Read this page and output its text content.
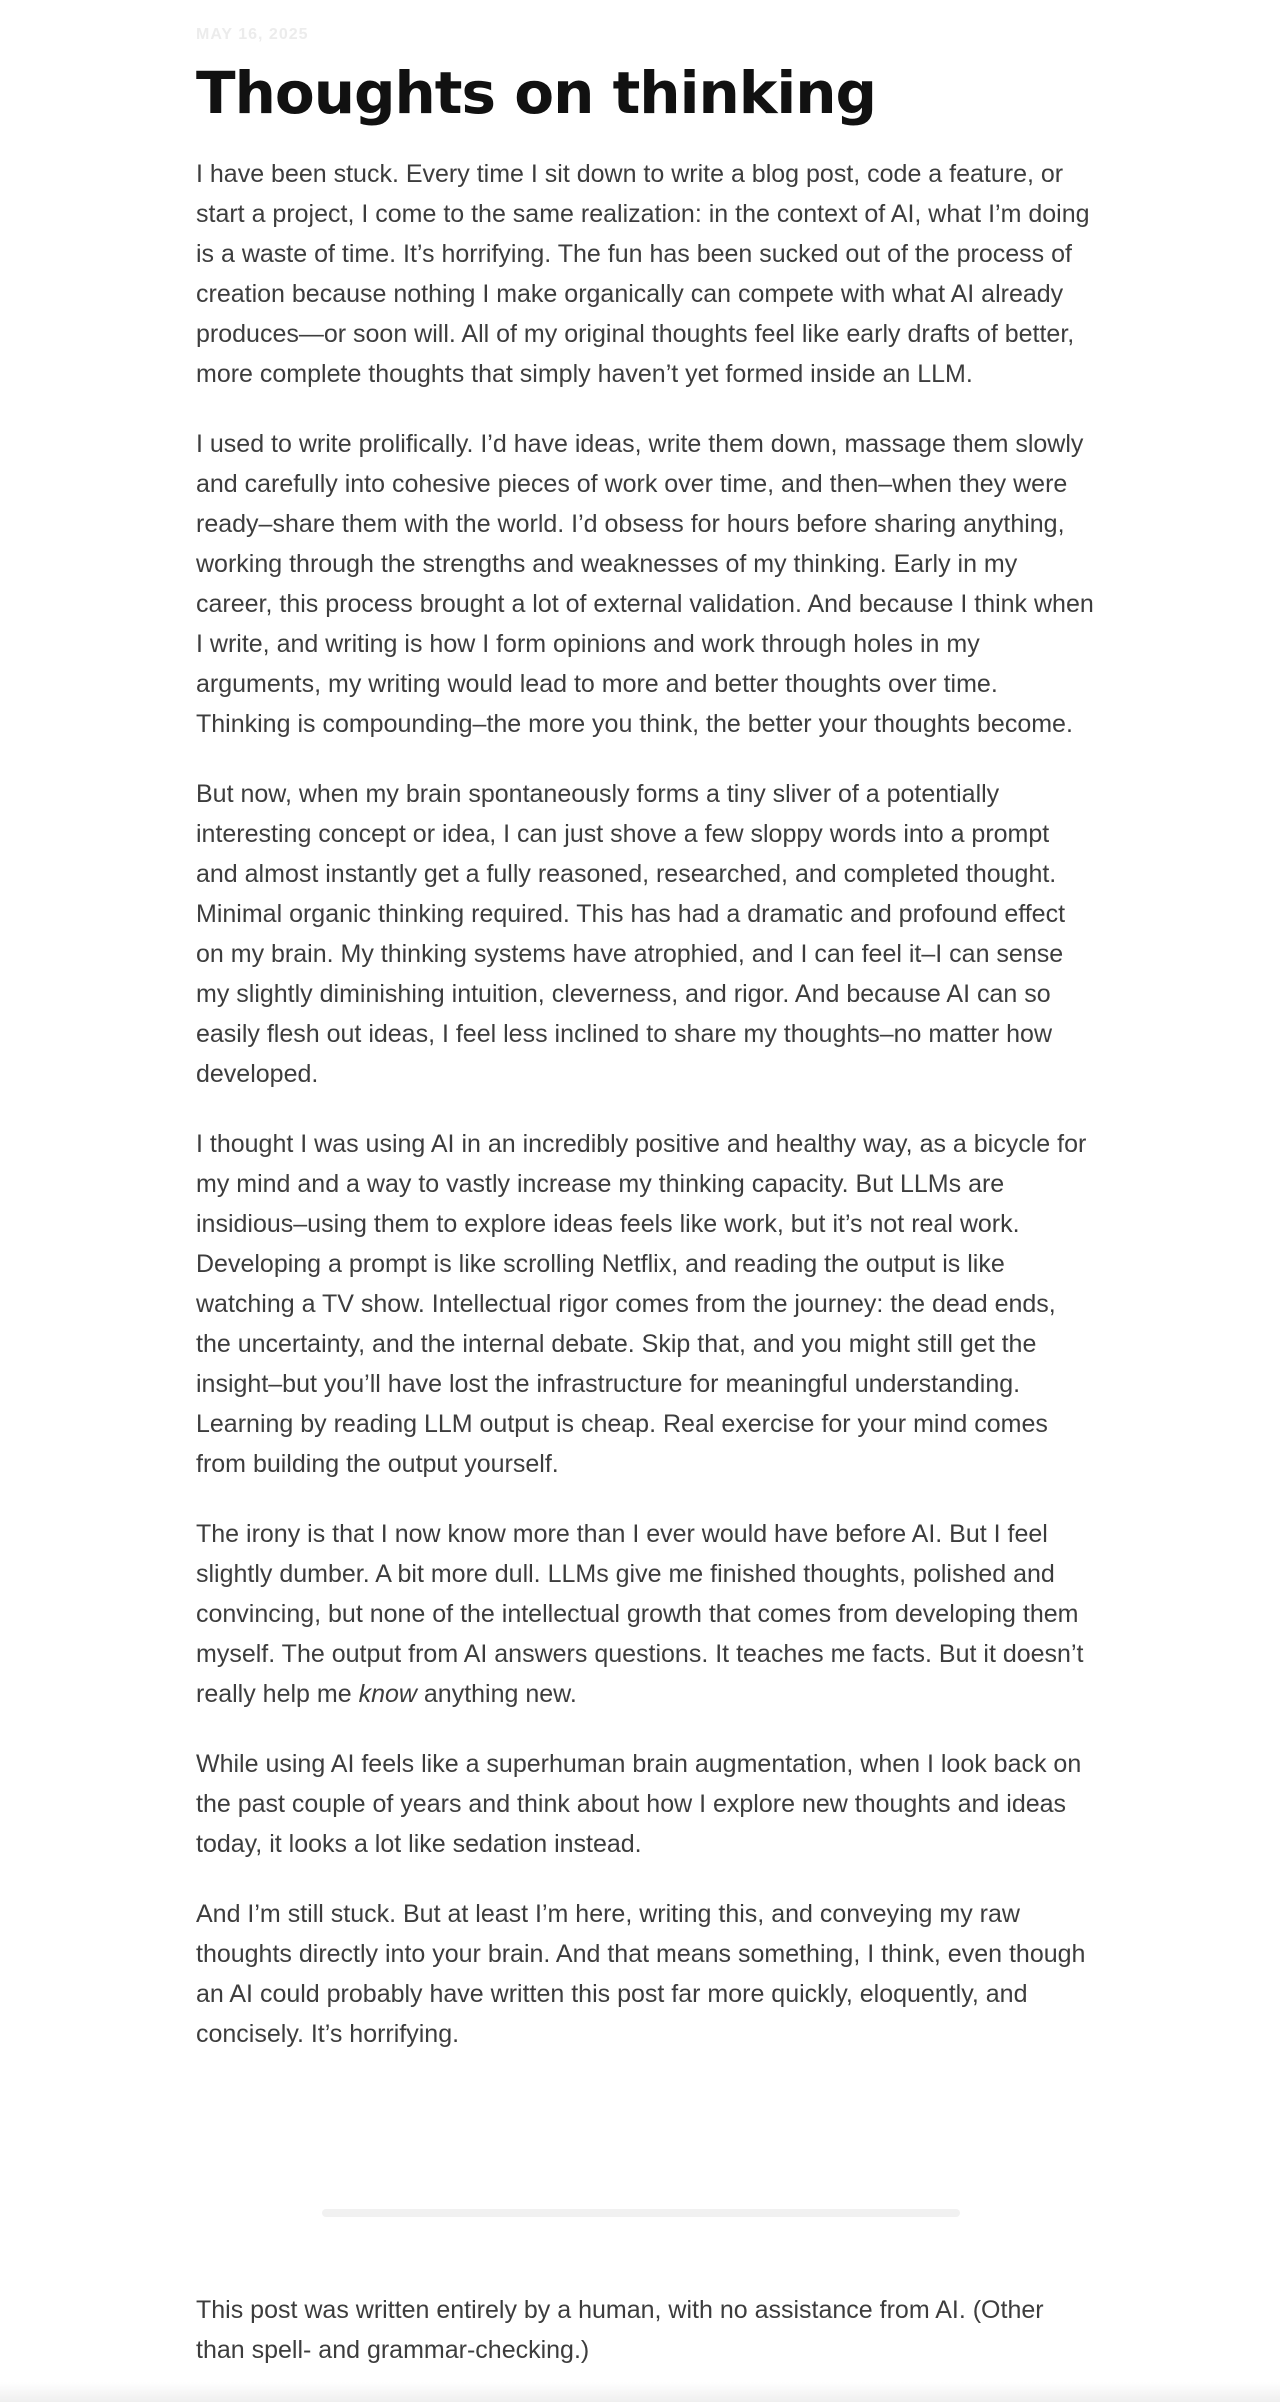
MAY 16, 2025
Thoughts on thinking

I have been stuck. Every time I sit down to write a blog post, code a feature, or start a project, I come to the same realization: in the context of AI, what I’m doing is a waste of time. It’s horrifying. The fun has been sucked out of the process of creation because nothing I make organically can compete with what AI already produces—or soon will. All of my original thoughts feel like early drafts of better, more complete thoughts that simply haven’t yet formed inside an LLM.

I used to write prolifically. I’d have ideas, write them down, massage them slowly and carefully into cohesive pieces of work over time, and then–when they were ready–share them with the world. I’d obsess for hours before sharing anything, working through the strengths and weaknesses of my thinking. Early in my career, this process brought a lot of external validation. And because I think when I write, and writing is how I form opinions and work through holes in my arguments, my writing would lead to more and better thoughts over time. Thinking is compounding–the more you think, the better your thoughts become.

But now, when my brain spontaneously forms a tiny sliver of a potentially interesting concept or idea, I can just shove a few sloppy words into a prompt and almost instantly get a fully reasoned, researched, and completed thought. Minimal organic thinking required. This has had a dramatic and profound effect on my brain. My thinking systems have atrophied, and I can feel it–I can sense my slightly diminishing intuition, cleverness, and rigor. And because AI can so easily flesh out ideas, I feel less inclined to share my thoughts–no matter how developed.

I thought I was using AI in an incredibly positive and healthy way, as a bicycle for my mind and a way to vastly increase my thinking capacity. But LLMs are insidious–using them to explore ideas feels like work, but it’s not real work. Developing a prompt is like scrolling Netflix, and reading the output is like watching a TV show. Intellectual rigor comes from the journey: the dead ends, the uncertainty, and the internal debate. Skip that, and you might still get the insight–but you’ll have lost the infrastructure for meaningful understanding. Learning by reading LLM output is cheap. Real exercise for your mind comes from building the output yourself.

The irony is that I now know more than I ever would have before AI. But I feel slightly dumber. A bit more dull. LLMs give me finished thoughts, polished and convincing, but none of the intellectual growth that comes from developing them myself. The output from AI answers questions. It teaches me facts. But it doesn’t really help me know anything new.

While using AI feels like a superhuman brain augmentation, when I look back on the past couple of years and think about how I explore new thoughts and ideas today, it looks a lot like sedation instead.

And I’m still stuck. But at least I’m here, writing this, and conveying my raw thoughts directly into your brain. And that means something, I think, even though an AI could probably have written this post far more quickly, eloquently, and concisely. It’s horrifying.

This post was written entirely by a human, with no assistance from AI. (Other than spell- and grammar-checking.)
